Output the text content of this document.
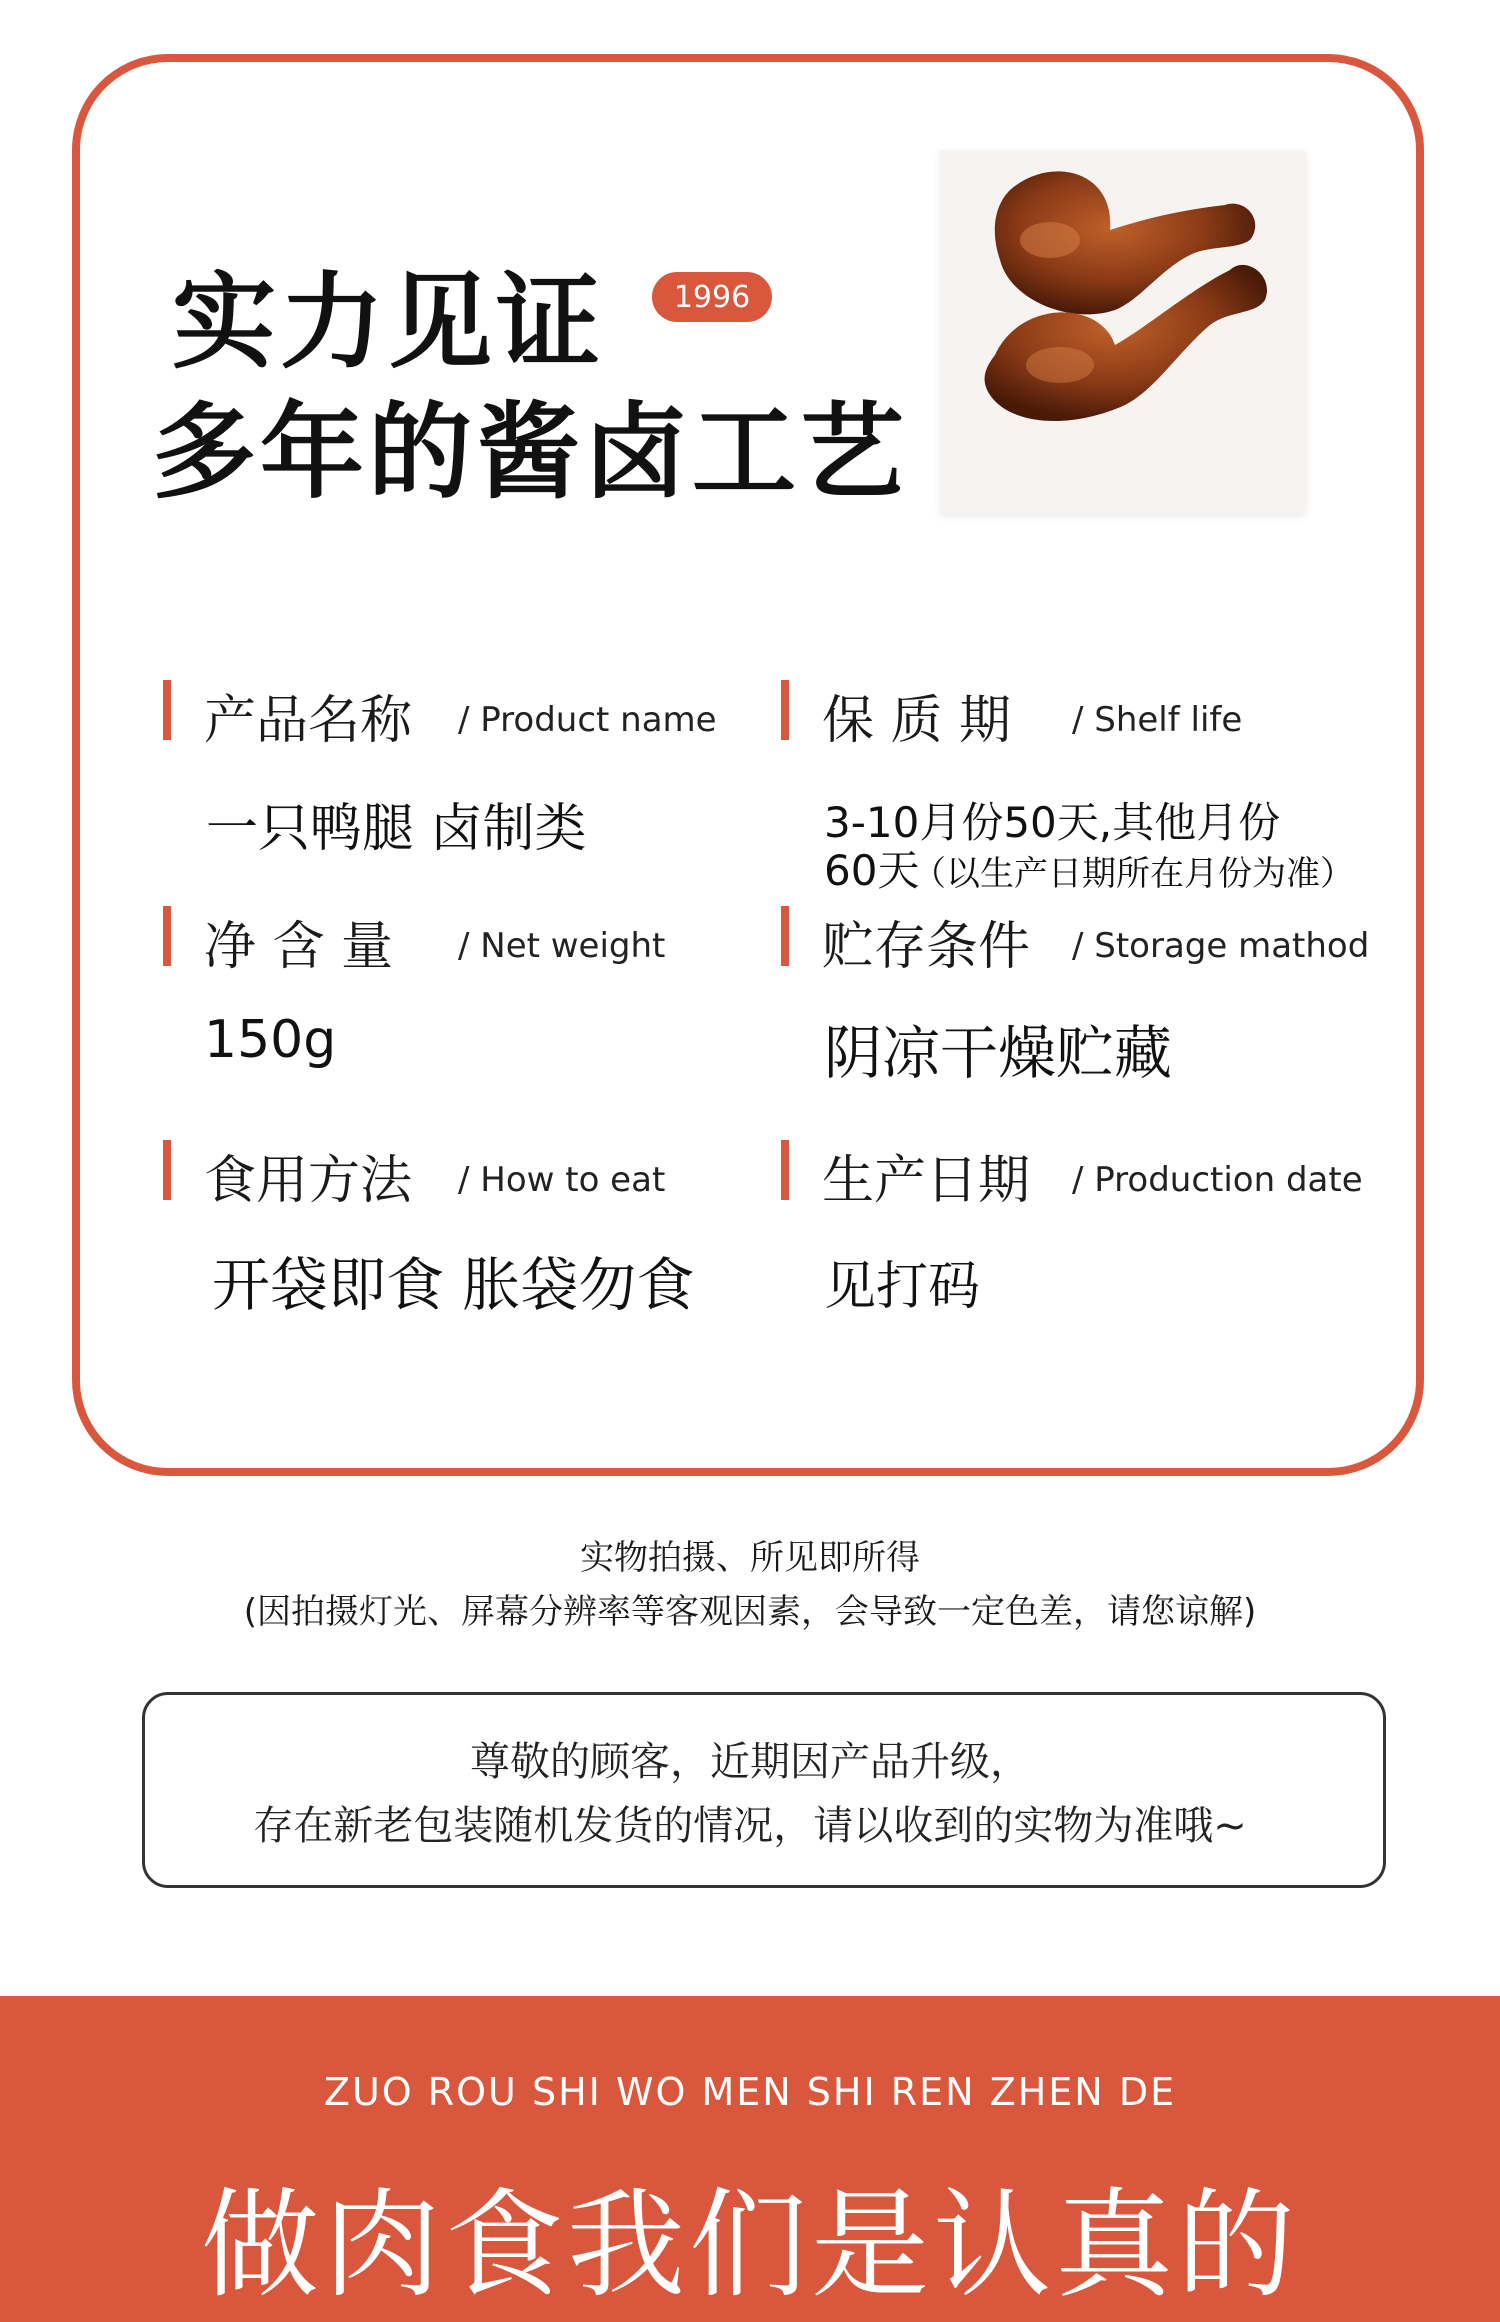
实力见证	1996
多年的酱卤工艺
产品名称 / Product name
一只鸭腿 卤制类
保 质 期 / Shelf life
3-10月份50天,其他月份
60天
（以生产日期所在月份为准）
净 含 量 / Net weight
150g
贮存条件 / Storage mathod
阴凉干燥贮藏
食用方法 / How to eat
开袋即食 胀袋勿食
生产日期 / Production date
见打码
实物拍摄、所见即所得
(因拍摄灯光、屏幕分辨率等客观因素，会导致一定色差，请您谅解)
尊敬的顾客，近期因产品升级，
存在新老包装随机发货的情况，请以收到的实物为准哦~
ZUO ROU SHI WO MEN SHI REN ZHEN DE
做肉食我们是认真的
